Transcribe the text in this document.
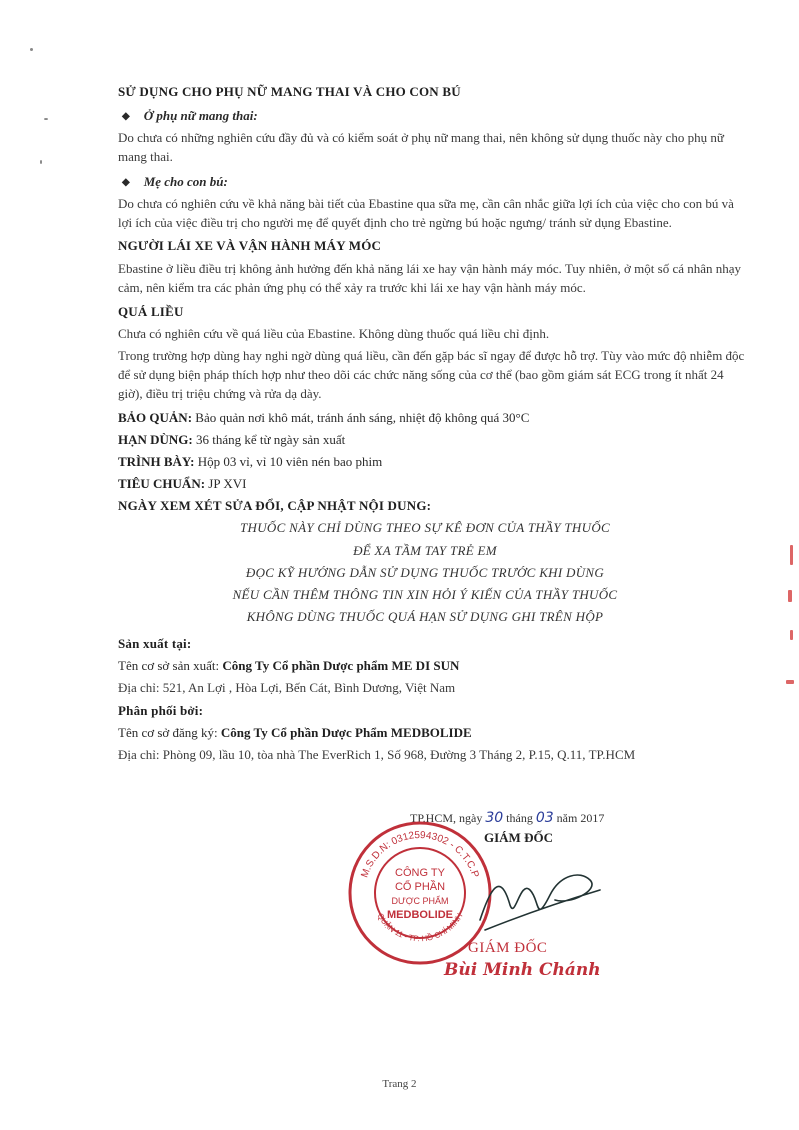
SỬ DỤNG CHO PHỤ NỮ MANG THAI VÀ CHO CON BÚ
◆ Ở phụ nữ mang thai:
Do chưa có những nghiên cứu đầy đủ và có kiểm soát ở phụ nữ mang thai, nên không sử dụng thuốc này cho phụ nữ mang thai.
◆ Mẹ cho con bú:
Do chưa có nghiên cứu về khả năng bài tiết của Ebastine qua sữa mẹ, cần cân nhắc giữa lợi ích của việc cho con bú và lợi ích của việc điều trị cho người mẹ để quyết định cho trẻ ngừng bú hoặc ngưng/ tránh sử dụng Ebastine.
NGƯỜI LÁI XE VÀ VẬN HÀNH MÁY MÓC
Ebastine ở liều điều trị không ảnh hưởng đến khả năng lái xe hay vận hành máy móc. Tuy nhiên, ở một số cá nhân nhạy cảm, nên kiểm tra các phản ứng phụ có thể xảy ra trước khi lái xe hay vận hành máy móc.
QUÁ LIỀU
Chưa có nghiên cứu về quá liều của Ebastine. Không dùng thuốc quá liều chỉ định.
Trong trường hợp dùng hay nghi ngờ dùng quá liều, cần đến gặp bác sĩ ngay để được hỗ trợ. Tùy vào mức độ nhiễm độc để sử dụng biện pháp thích hợp như theo dõi các chức năng sống của cơ thể (bao gồm giám sát ECG trong ít nhất 24 giờ), điều trị triệu chứng và rửa dạ dày.
BẢO QUẢN: Bảo quản nơi khô mát, tránh ánh sáng, nhiệt độ không quá 30°C
HẠN DÙNG: 36 tháng kể từ ngày sản xuất
TRÌNH BÀY: Hộp 03 vỉ, vỉ 10 viên nén bao phim
TIÊU CHUẨN: JP XVI
NGÀY XEM XÉT SỬA ĐỔI, CẬP NHẬT NỘI DUNG:
THUỐC NÀY CHỈ DÙNG THEO SỰ KÊ ĐƠN CỦA THẦY THUỐC
ĐỂ XA TẦM TAY TRẺ EM
ĐỌC KỸ HƯỚNG DẪN SỬ DỤNG THUỐC TRƯỚC KHI DÙNG
NẾU CẦN THÊM THÔNG TIN XIN HỎI Ý KIẾN CỦA THẦY THUỐC
KHÔNG DÙNG THUỐC QUÁ HẠN SỬ DỤNG GHI TRÊN HỘP
Sản xuất tại:
Tên cơ sở sản xuất: Công Ty Cổ phần Dược phẩm ME DI SUN
Địa chỉ: 521, An Lợi , Hòa Lợi, Bến Cát, Bình Dương, Việt Nam
Phân phối bởi:
Tên cơ sở đăng ký: Công Ty Cổ phần Dược Phẩm MEDBOLIDE
Địa chỉ: Phòng 09, lầu 10, tòa nhà The EverRich 1, Số 968, Đường 3 Tháng 2, P.15, Q.11, TP.HCM
TP.HCM, ngày 30 tháng 03 năm 2017
GIÁM ĐỐC
M.S.D.N: 0312594302 - C.T.C.P
QUẬN 11 - TP. HỒ CHÍ MINH
CÔNG TY
CỔ PHẦN
DƯỢC PHẨM
MEDBOLIDE
GIÁM ĐỐC
Bùi Minh Chánh
Trang 2
